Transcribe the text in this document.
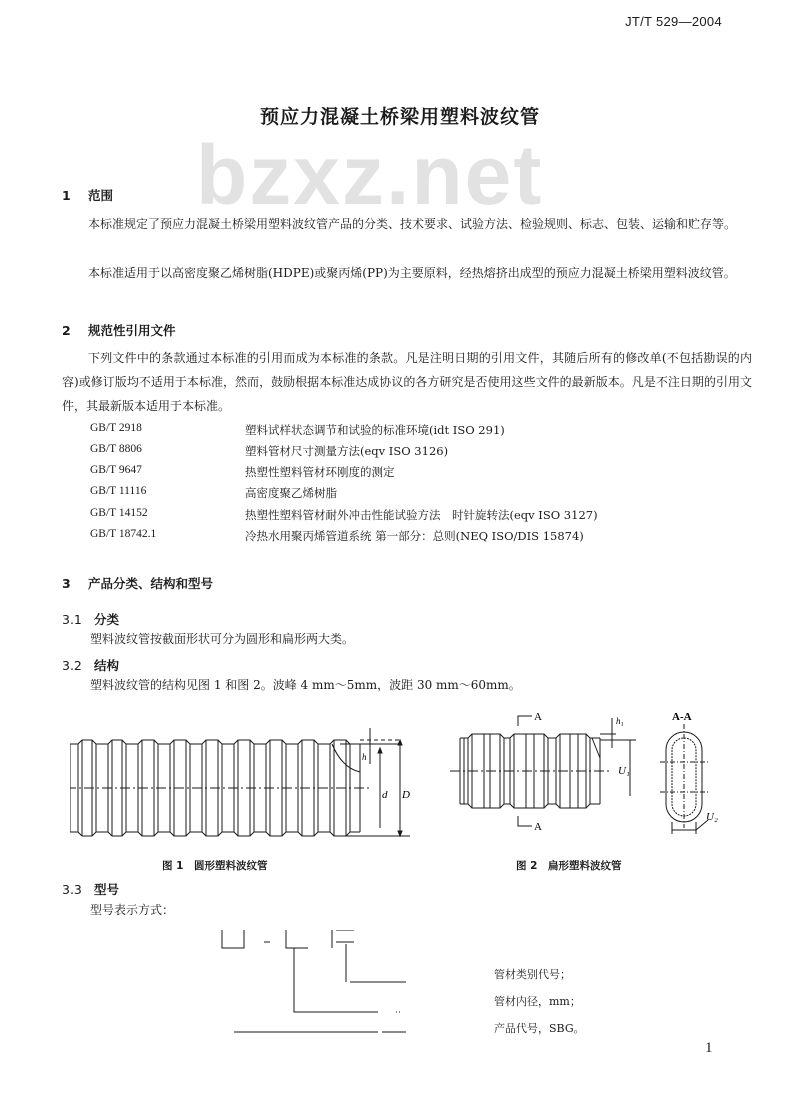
JT/T 529—2004
预应力混凝土桥梁用塑料波纹管
bzxz.net
1 范围
本标准规定了预应力混凝土桥梁用塑料波纹管产品的分类、技术要求、试验方法、检验规则、标志、包装、运输和贮存等。
本标准适用于以高密度聚乙烯树脂(HDPE)或聚丙烯(PP)为主要原料，经热熔挤出成型的预应力混凝土桥梁用塑料波纹管。
2 规范性引用文件
下列文件中的条款通过本标准的引用而成为本标准的条款。凡是注明日期的引用文件，其随后所有的修改单(不包括勘误的内容)或修订版均不适用于本标准，然而，鼓励根据本标准达成协议的各方研究是否使用这些文件的最新版本。凡是不注日期的引用文件，其最新版本适用于本标准。
GB/T 2918	塑料试样状态调节和试验的标准环境(idt ISO 291)
GB/T 8806	塑料管材尺寸测量方法(eqv ISO 3126)
GB/T 9647	热塑性塑料管材环刚度的测定
GB/T 11116	高密度聚乙烯树脂
GB/T 14152	热塑性塑料管材耐外冲击性能试验方法　时针旋转法(eqv ISO 3127)
GB/T 18742.1	冷热水用聚丙烯管道系统 第一部分：总则(NEQ ISO/DIS 15874)
3 产品分类、结构和型号
3.1 分类
塑料波纹管按截面形状可分为圆形和扁形两大类。
3.2 结构
塑料波纹管的结构见图 1 和图 2。波峰 4 mm～5mm，波距 30 mm～60mm。
h
d D
图 1　圆形塑料波纹管
A
A
A-A
h₁
U₁
U₂
图 2　扁形塑料波纹管
3.3 型号
型号表示方式：
管材类别代号；
管材内径，mm；
产品代号，SBG。
1
